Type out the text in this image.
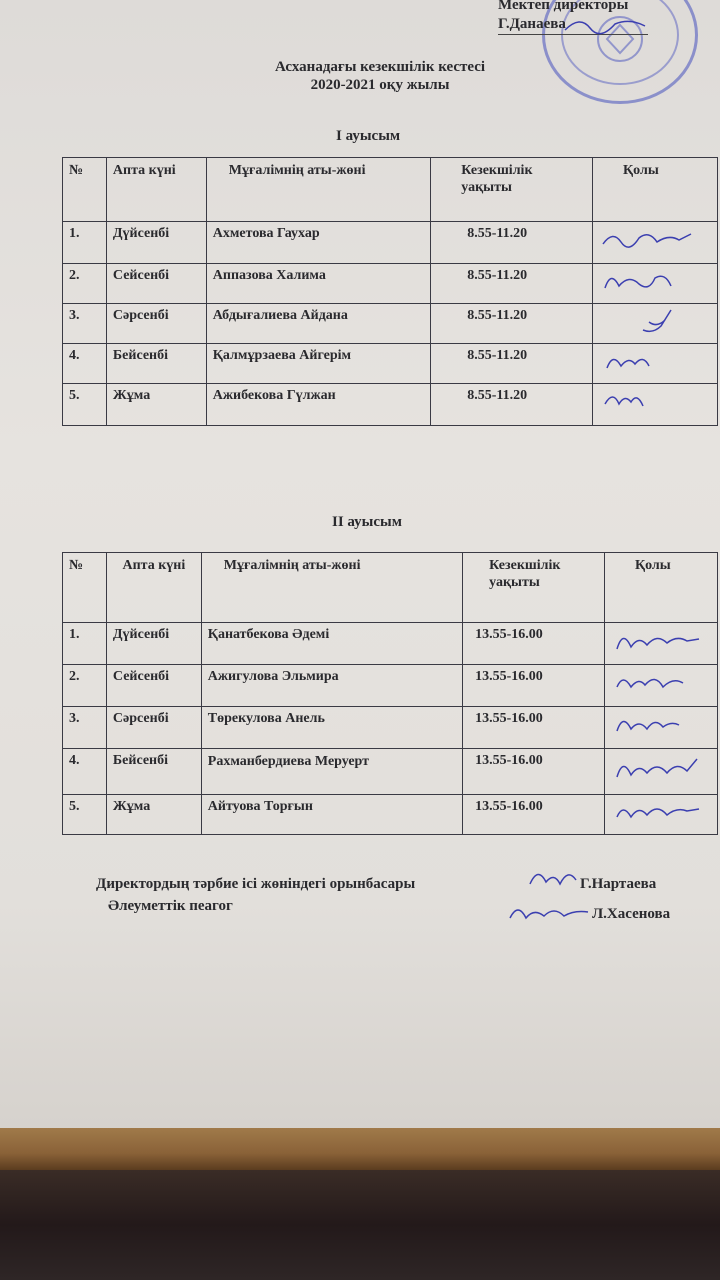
Мектеп директоры
Г.Данаева
Асханадағы кезекшілік кестесі
2020-2021 оқу жылы
I ауысым
№	Апта күні	Мұғалімнің аты-жөні	Кезекшілік уақыты	Қолы
1.	Дүйсенбі	Ахметова Гаухар	8.55-11.20	

2.	Сейсенбі	Аппазова Халима	8.55-11.20	

3.	Сәрсенбі	Абдығалиева Айдана	8.55-11.20	

4.	Бейсенбі	Қалмұрзаева Айгерім	8.55-11.20	

5.	Жұма	Ажибекова Гүлжан	8.55-11.20	
II ауысым
№	Апта күні	Мұғалімнің аты-жөні	Кезекшілік уақыты	Қолы
1.	Дүйсенбі	Қанатбекова Әдемі	13.55-16.00	

2.	Сейсенбі	Ажигулова Эльмира	13.55-16.00	

3.	Сәрсенбі	Төрекулова Анель	13.55-16.00	

4.	Бейсенбі	Рахманбердиева Меруерт	13.55-16.00	

5.	Жұма	Айтуова Торғын	13.55-16.00	
Директордың тәрбие ісі жөніндегі орынбасары	Г.Нартаева
Әлеуметтік пеагог	Л.Хасенова
